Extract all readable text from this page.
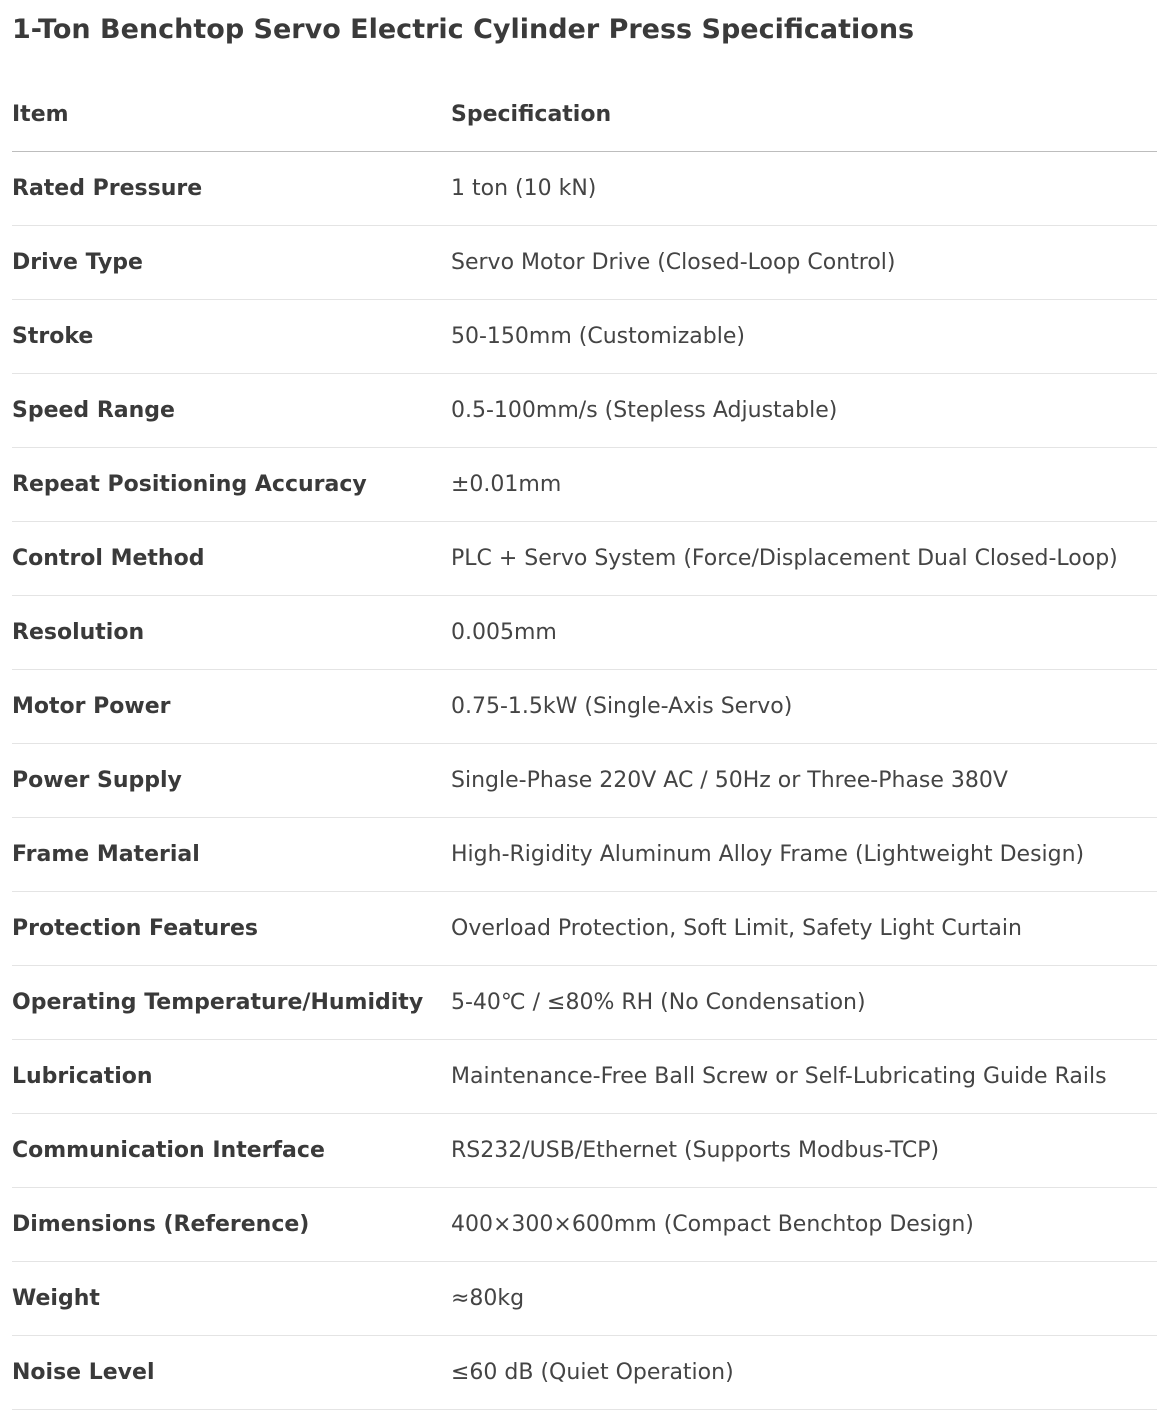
1-Ton Benchtop Servo Electric Cylinder Press Specifications
Item	Specification
Rated Pressure	1 ton (10 kN)
Drive Type	Servo Motor Drive (Closed-Loop Control)
Stroke	50-150mm (Customizable)
Speed Range	0.5-100mm/s (Stepless Adjustable)
Repeat Positioning Accuracy	±0.01mm
Control Method	PLC + Servo System (Force/Displacement Dual Closed-Loop)
Resolution	0.005mm
Motor Power	0.75-1.5kW (Single-Axis Servo)
Power Supply	Single-Phase 220V AC / 50Hz or Three-Phase 380V
Frame Material	High-Rigidity Aluminum Alloy Frame (Lightweight Design)
Protection Features	Overload Protection, Soft Limit, Safety Light Curtain
Operating Temperature/Humidity	5-40℃ / ≤80% RH (No Condensation)
Lubrication	Maintenance-Free Ball Screw or Self-Lubricating Guide Rails
Communication Interface	RS232/USB/Ethernet (Supports Modbus-TCP)
Dimensions (Reference)	400×300×600mm (Compact Benchtop Design)
Weight	≈80kg
Noise Level	≤60 dB (Quiet Operation)
